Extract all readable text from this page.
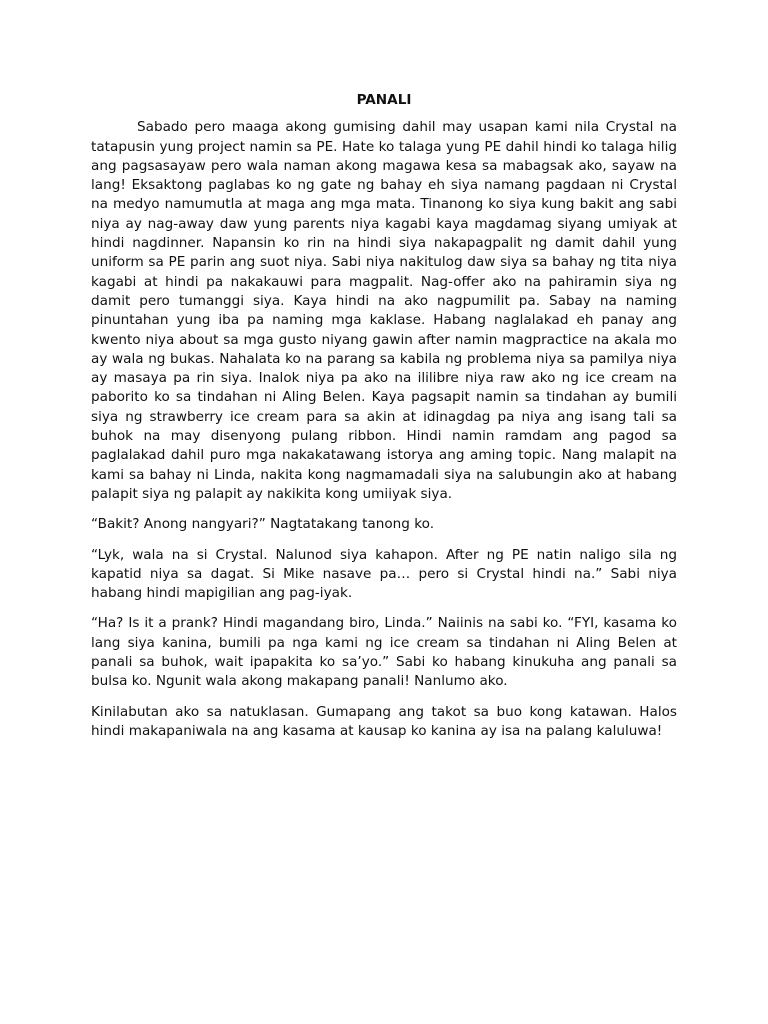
PANALI

Sabado pero maaga akong gumising dahil may usapan kami nila Crystal na tatapusin yung project namin sa PE. Hate ko talaga yung PE dahil hindi ko talaga hilig ang pagsasayaw pero wala naman akong magawa kesa sa mabagsak ako, sayaw na lang! Eksaktong paglabas ko ng gate ng bahay eh siya namang pagdaan ni Crystal na medyo namumutla at maga ang mga mata. Tinanong ko siya kung bakit ang sabi niya ay nag-away daw yung parents niya kagabi kaya magdamag siyang umiyak at hindi nagdinner. Napansin ko rin na hindi siya nakapagpalit ng damit dahil yung uniform sa PE parin ang suot niya. Sabi niya nakitulog daw siya sa bahay ng tita niya kagabi at hindi pa nakakauwi para magpalit. Nag-offer ako na pahiramin siya ng damit pero tumanggi siya. Kaya hindi na ako nagpumilit pa. Sabay na naming pinuntahan yung iba pa naming mga kaklase. Habang naglalakad eh panay ang kwento niya about sa mga gusto niyang gawin after namin magpractice na akala mo ay wala ng bukas. Nahalata ko na parang sa kabila ng problema niya sa pamilya niya ay masaya pa rin siya. Inalok niya pa ako na ililibre niya raw ako ng ice cream na paborito ko sa tindahan ni Aling Belen. Kaya pagsapit namin sa tindahan ay bumili siya ng strawberry ice cream para sa akin at idinagdag pa niya ang isang tali sa buhok na may disenyong pulang ribbon. Hindi namin ramdam ang pagod sa paglalakad dahil puro mga nakakatawang istorya ang aming topic. Nang malapit na kami sa bahay ni Linda, nakita kong nagmamadali siya na salubungin ako at habang palapit siya ng palapit ay nakikita kong umiiyak siya.

“Bakit? Anong nangyari?” Nagtatakang tanong ko.

“Lyk, wala na si Crystal. Nalunod siya kahapon. After ng PE natin naligo sila ng kapatid niya sa dagat. Si Mike nasave pa… pero si Crystal hindi na.” Sabi niya habang hindi mapigilian ang pag-iyak.

“Ha? Is it a prank? Hindi magandang biro, Linda.” Naiinis na sabi ko. “FYI, kasama ko lang siya kanina, bumili pa nga kami ng ice cream sa tindahan ni Aling Belen at panali sa buhok, wait ipapakita ko sa’yo.” Sabi ko habang kinukuha ang panali sa bulsa ko. Ngunit wala akong makapang panali! Nanlumo ako.

Kinilabutan ako sa natuklasan. Gumapang ang takot sa buo kong katawan. Halos hindi makapaniwala na ang kasama at kausap ko kanina ay isa na palang kaluluwa!
